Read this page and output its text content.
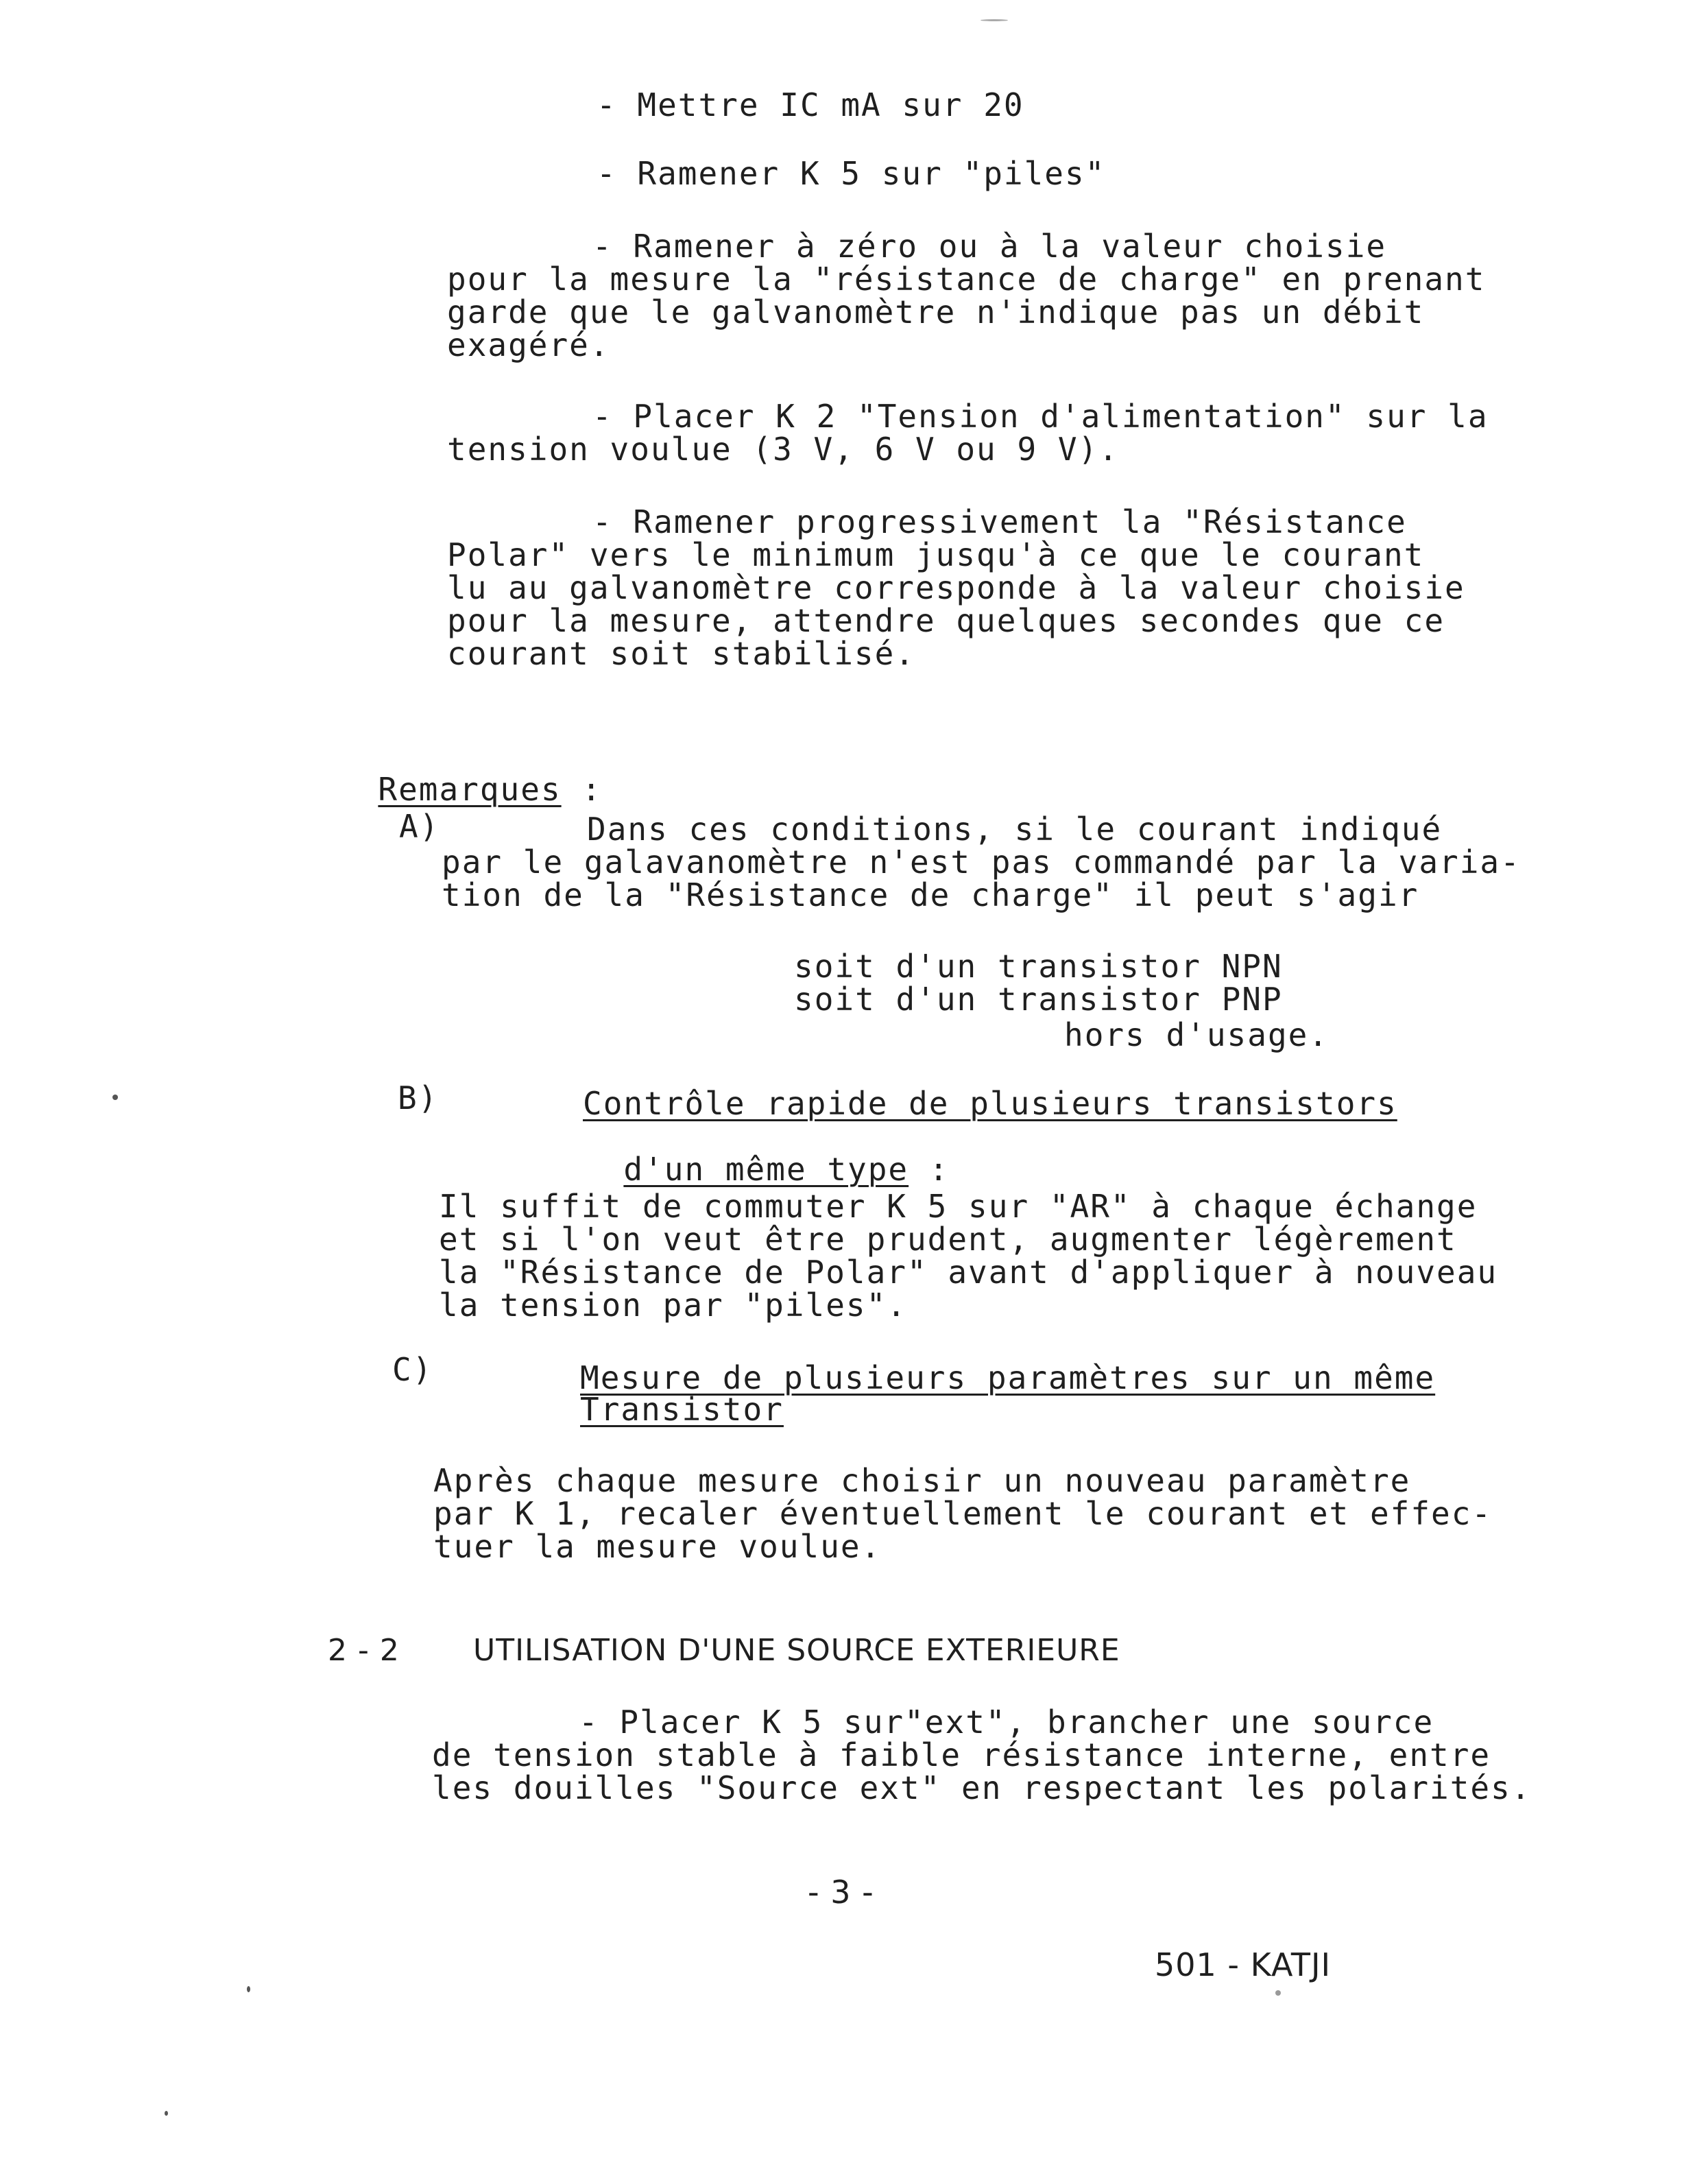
- Mettre IC mA sur 20
- Ramener K 5 sur "piles"
- Ramener à zéro ou à la valeur choisie
pour la mesure la "résistance de charge" en prenant
garde que le galvanomètre n'indique pas un débit
exagéré.
- Placer K 2 "Tension d'alimentation" sur la
tension voulue (3 V, 6 V ou 9 V).
- Ramener progressivement la "Résistance
Polar" vers le minimum jusqu'à ce que le courant
lu au galvanomètre corresponde à la valeur choisie
pour la mesure, attendre quelques secondes que ce
courant soit stabilisé.

Remarques :

A)	Dans ces conditions, si le courant indiqué
par le galavanomètre n'est pas commandé par la varia-
tion de la "Résistance de charge" il peut s'agir
soit d'un transistor NPN
soit d'un transistor PNP
hors d'usage.
B)	Contrôle rapide de plusieurs transistors

d'un même type :

Il suffit de commuter K 5 sur "AR" à chaque échange
et si l'on veut être prudent, augmenter légèrement
la "Résistance de Polar" avant d'appliquer à nouveau
la tension par "piles".
C)	Mesure de plusieurs paramètres sur un même
Transistor
Après chaque mesure choisir un nouveau paramètre
par K 1, recaler éventuellement le courant et effec-
tuer la mesure voulue.
2 - 2 UTILISATION D'UNE SOURCE EXTERIEURE
- Placer K 5 sur"ext", brancher une source
de tension stable à faible résistance interne, entre
les douilles "Source ext" en respectant les polarités.
- 3 -
501 - KATJI
